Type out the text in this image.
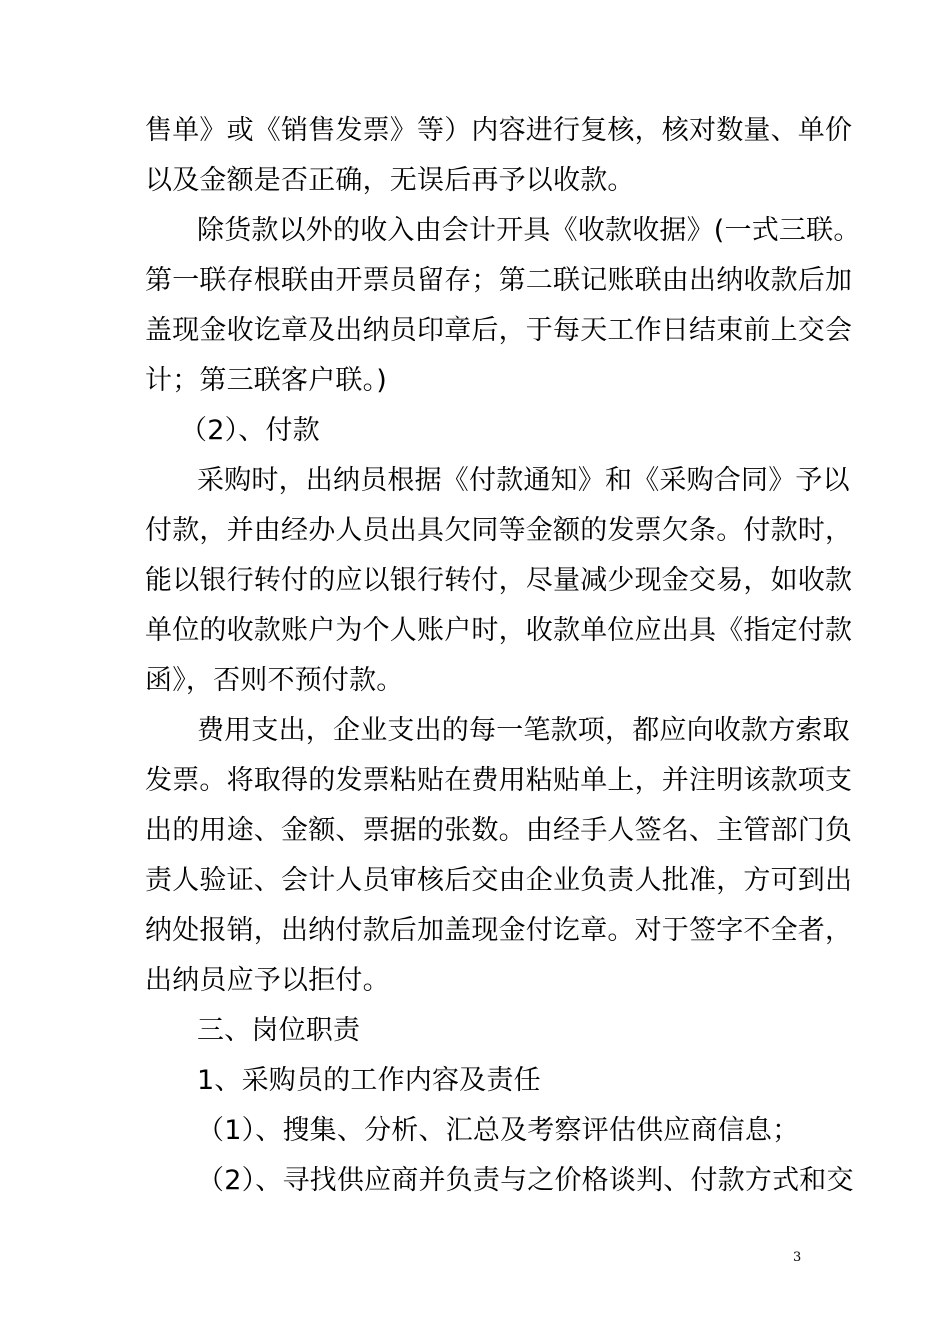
售单》或《销售发票》等）内容进行复核，核对数量、单价
以及金额是否正确，无误后再予以收款。
除货款以外的收入由会计开具《收款收据》(一式三联。
第一联存根联由开票员留存；第二联记账联由出纳收款后加
盖现金收讫章及出纳员印章后，于每天工作日结束前上交会
计；第三联客户联。)
（2）、付款
采购时，出纳员根据《付款通知》和《采购合同》予以
付款，并由经办人员出具欠同等金额的发票欠条。付款时，
能以银行转付的应以银行转付，尽量减少现金交易，如收款
单位的收款账户为个人账户时，收款单位应出具《指定付款
函》，否则不预付款。
费用支出，企业支出的每一笔款项，都应向收款方索取
发票。将取得的发票粘贴在费用粘贴单上，并注明该款项支
出的用途、金额、票据的张数。由经手人签名、主管部门负
责人验证、会计人员审核后交由企业负责人批准，方可到出
纳处报销，出纳付款后加盖现金付讫章。对于签字不全者，
出纳员应予以拒付。
三、岗位职责
1、采购员的工作内容及责任
（1）、搜集、分析、汇总及考察评估供应商信息；
（2）、寻找供应商并负责与之价格谈判、付款方式和交
3
